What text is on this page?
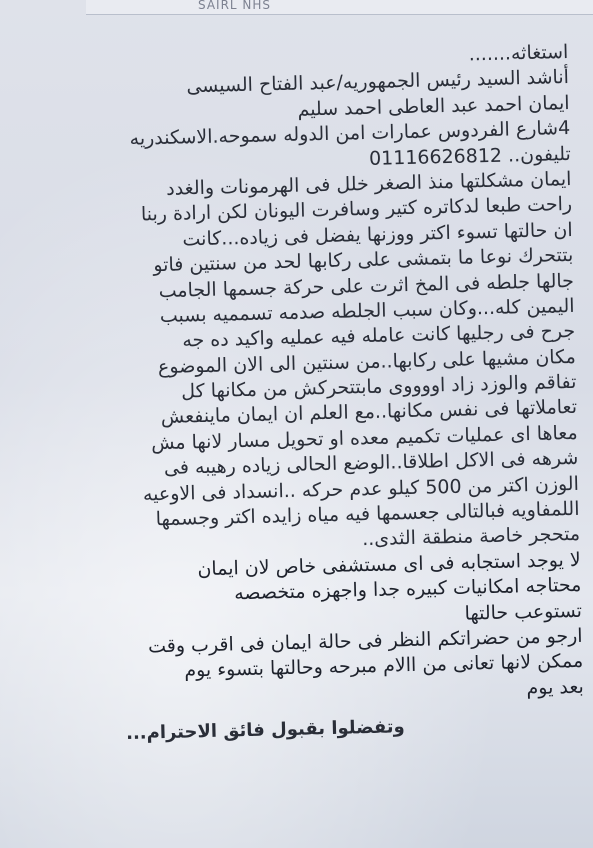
SAIRL NHS
استغاثه.......
أناشد السيد رئيس الجمهوريه/عبد الفتاح السيسى
ايمان احمد عبد العاطى احمد سليم
4شارع الفردوس عمارات امن الدوله سموحه.الاسكندريه
تليفون.. 01116626812
ايمان مشكلتها منذ الصغر خلل فى الهرمونات والغدد
راحت طبعا لدكاتره كتير وسافرت اليونان لكن ارادة ربنا
ان حالتها تسوء اكتر ووزنها يفضل فى زياده...كانت
بتتحرك نوعا ما بتمشى على ركابها لحد من سنتين فاتو
جالها جلطه فى المخ اثرت على حركة جسمها الجامب
اليمين كله...وكان سبب الجلطه صدمه تسمميه بسبب
جرح فى رجليها كانت عامله فيه عمليه واكيد ده جه
مكان مشيها على ركابها..من سنتين الى الان الموضوع
تفاقم والوزد زاد اووووى مابتتحركش من مكانها كل
تعاملاتها فى نفس مكانها..مع العلم ان ايمان ماينفعش
معاها اى عمليات تكميم معده او تحويل مسار لانها مش
شرهه فى الاكل اطلاقا..الوضع الحالى زياده رهيبه فى
الوزن اكتر من 500 كيلو عدم حركه ..انسداد فى الاوعيه
اللمفاويه فبالتالى جعسمها فيه مياه زايده اكتر وجسمها
متحجر خاصة منطقة الثدى..
لا يوجد استجابه فى اى مستشفى خاص لان ايمان
محتاجه امكانيات كبيره جدا واجهزه متخصصه
تستوعب حالتها
ارجو من حضراتكم النظر فى حالة ايمان فى اقرب وقت
ممكن لانها تعانى من االام مبرحه وحالتها بتسوء يوم
بعد يوم
وتفضلوا بقبول فائق الاحترام...
